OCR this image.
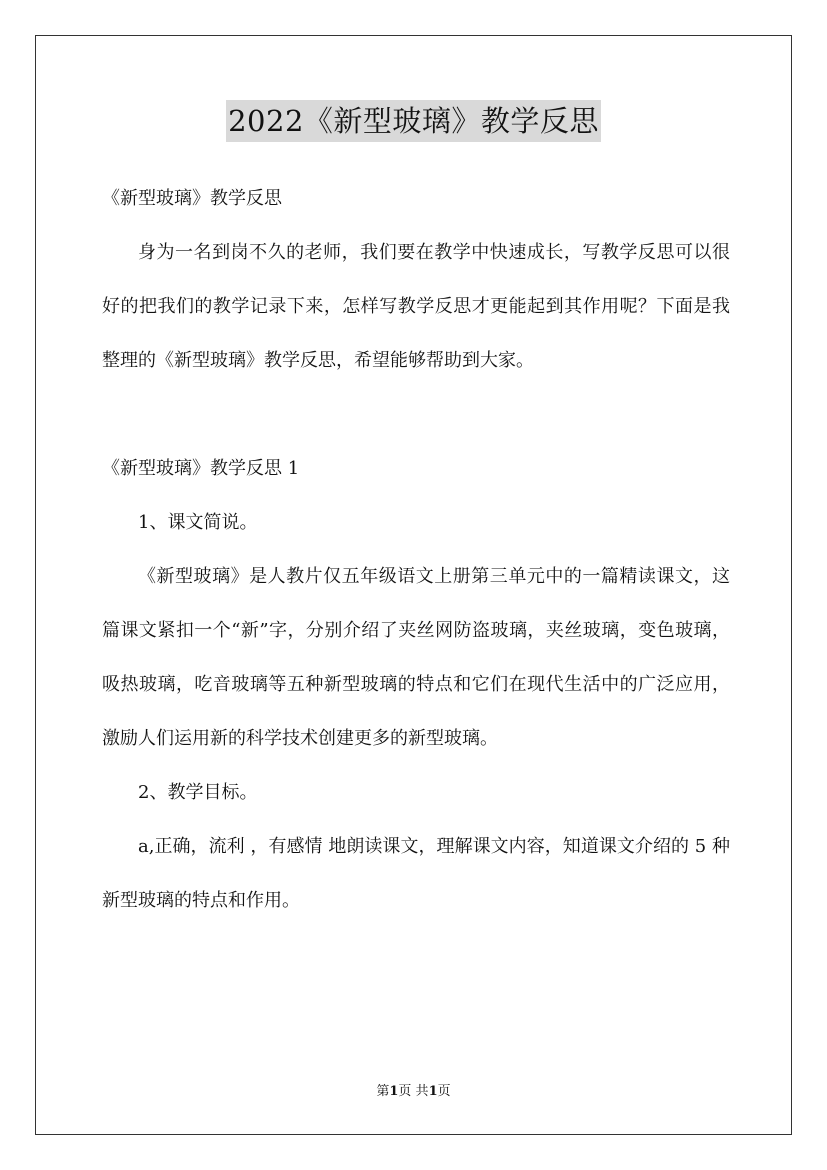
2022《新型玻璃》教学反思

《新型玻璃》教学反思

身为一名到岗不久的老师，我们要在教学中快速成长，写教学反思可以很好的把我们的教学记录下来，怎样写教学反思才更能起到其作用呢？下面是我整理的《新型玻璃》教学反思，希望能够帮助到大家。

《新型玻璃》教学反思 1

1、课文简说。

《新型玻璃》是人教片仅五年级语文上册第三单元中的一篇精读课文，这篇课文紧扣一个“新”字，分别介绍了夹丝网防盗玻璃，夹丝玻璃，变色玻璃，吸热玻璃，吃音玻璃等五种新型玻璃的特点和它们在现代生活中的广泛应用，激励人们运用新的科学技术创建更多的新型玻璃。

2、教学目标。

a,正确，流利 ，有感情 地朗读课文，理解课文内容，知道课文介绍的 5 种新型玻璃的特点和作用。

第1页 共1页
